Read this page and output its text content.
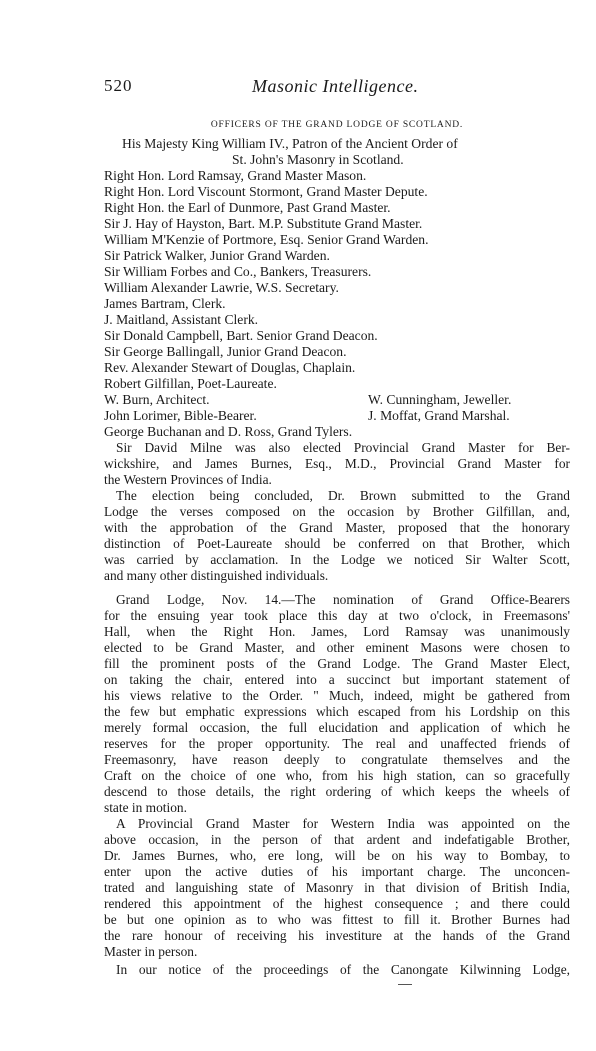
520	Masonic Intelligence.
OFFICERS OF THE GRAND LODGE OF SCOTLAND.
His Majesty King William IV., Patron of the Ancient Order of
St. John's Masonry in Scotland.
Right Hon. Lord Ramsay, Grand Master Mason.
Right Hon. Lord Viscount Stormont, Grand Master Depute.
Right Hon. the Earl of Dunmore, Past Grand Master.
Sir J. Hay of Hayston, Bart. M.P. Substitute Grand Master.
William M'Kenzie of Portmore, Esq. Senior Grand Warden.
Sir Patrick Walker, Junior Grand Warden.
Sir William Forbes and Co., Bankers, Treasurers.
William Alexander Lawrie, W.S. Secretary.
James Bartram, Clerk.
J. Maitland, Assistant Clerk.
Sir Donald Campbell, Bart. Senior Grand Deacon.
Sir George Ballingall, Junior Grand Deacon.
Rev. Alexander Stewart of Douglas, Chaplain.
Robert Gilfillan, Poet-Laureate.
W. Burn, Architect.	W. Cunningham, Jeweller.
John Lorimer, Bible-Bearer.	J. Moffat, Grand Marshal.
George Buchanan and D. Ross, Grand Tylers.
Sir David Milne was also elected Provincial Grand Master for Ber-
wickshire, and James Burnes, Esq., M.D., Provincial Grand Master for
the Western Provinces of India.
The election being concluded, Dr. Brown submitted to the Grand
Lodge the verses composed on the occasion by Brother Gilfillan, and,
with the approbation of the Grand Master, proposed that the honorary
distinction of Poet-Laureate should be conferred on that Brother, which
was carried by acclamation. In the Lodge we noticed Sir Walter Scott,
and many other distinguished individuals.
Grand Lodge, Nov. 14.—The nomination of Grand Office-Bearers
for the ensuing year took place this day at two o'clock, in Freemasons'
Hall, when the Right Hon. James, Lord Ramsay was unanimously
elected to be Grand Master, and other eminent Masons were chosen to
fill the prominent posts of the Grand Lodge. The Grand Master Elect,
on taking the chair, entered into a succinct but important statement of
his views relative to the Order. " Much, indeed, might be gathered from
the few but emphatic expressions which escaped from his Lordship on this
merely formal occasion, the full elucidation and application of which he
reserves for the proper opportunity. The real and unaffected friends of
Freemasonry, have reason deeply to congratulate themselves and the
Craft on the choice of one who, from his high station, can so gracefully
descend to those details, the right ordering of which keeps the wheels of
state in motion.
A Provincial Grand Master for Western India was appointed on the
above occasion, in the person of that ardent and indefatigable Brother,
Dr. James Burnes, who, ere long, will be on his way to Bombay, to
enter upon the active duties of his important charge. The unconcen-
trated and languishing state of Masonry in that division of British India,
rendered this appointment of the highest consequence ; and there could
be but one opinion as to who was fittest to fill it. Brother Burnes had
the rare honour of receiving his investiture at the hands of the Grand
Master in person.
In our notice of the proceedings of the Canongate Kilwinning Lodge,
